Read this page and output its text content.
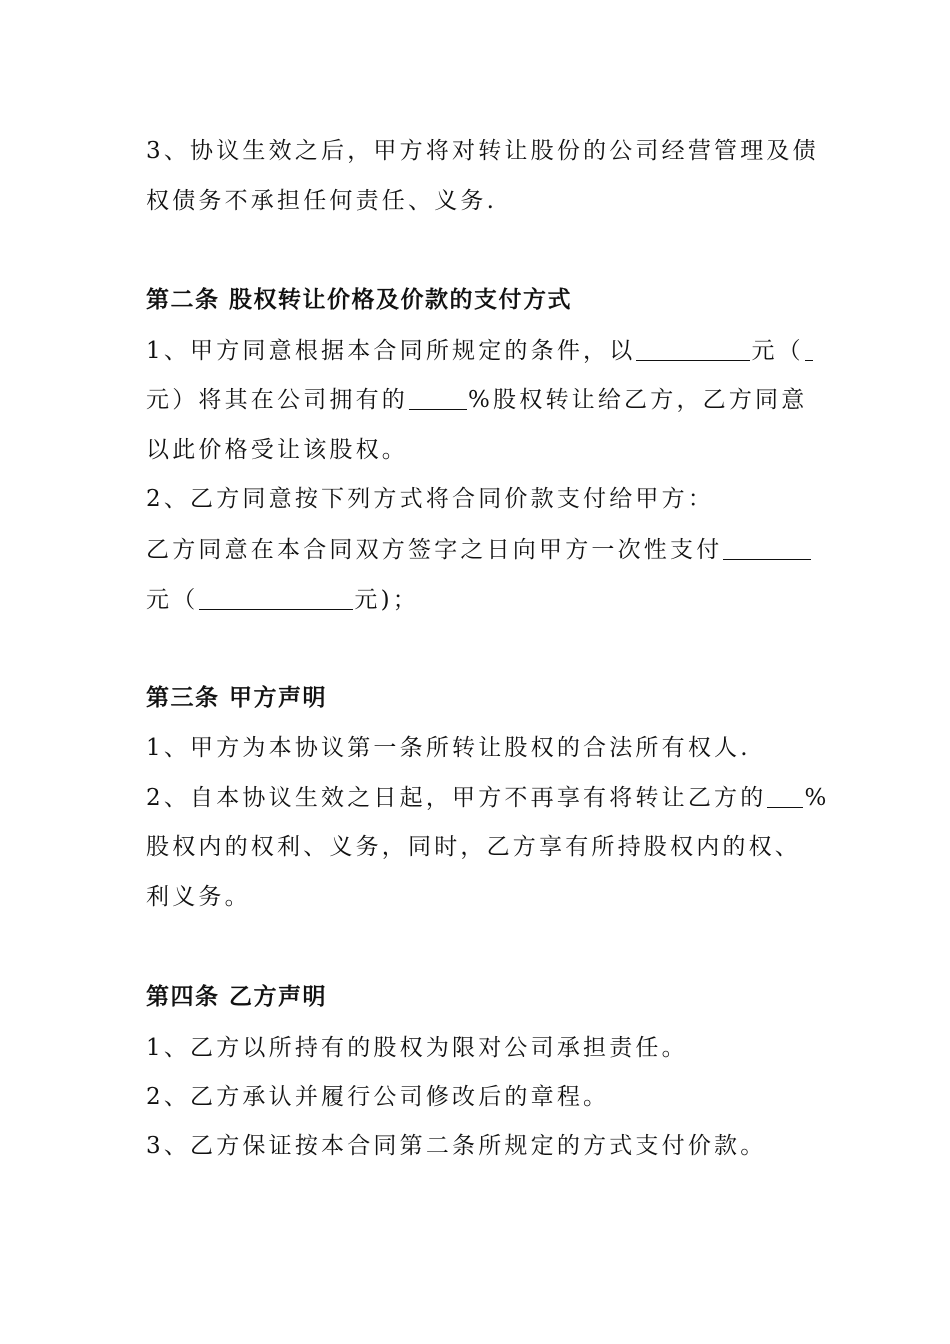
3、协议生效之后，甲方将对转让股份的公司经营管理及债
权债务不承担任何责任、义务.
第二条 股权转让价格及价款的支付方式
1、甲方同意根据本合同所规定的条件，以	元（
元）将其在公司拥有的	%股权转让给乙方，乙方同意
以此价格受让该股权。
2、乙方同意按下列方式将合同价款支付给甲方：
乙方同意在本合同双方签字之日向甲方一次性支付
元（	元)；
第三条 甲方声明
1、甲方为本协议第一条所转让股权的合法所有权人.
2、自本协议生效之日起，甲方不再享有将转让乙方的 %
股权内的权利、义务，同时，乙方享有所持股权内的权、
利义务。
第四条 乙方声明
1、乙方以所持有的股权为限对公司承担责任。
2、乙方承认并履行公司修改后的章程。
3、乙方保证按本合同第二条所规定的方式支付价款。
